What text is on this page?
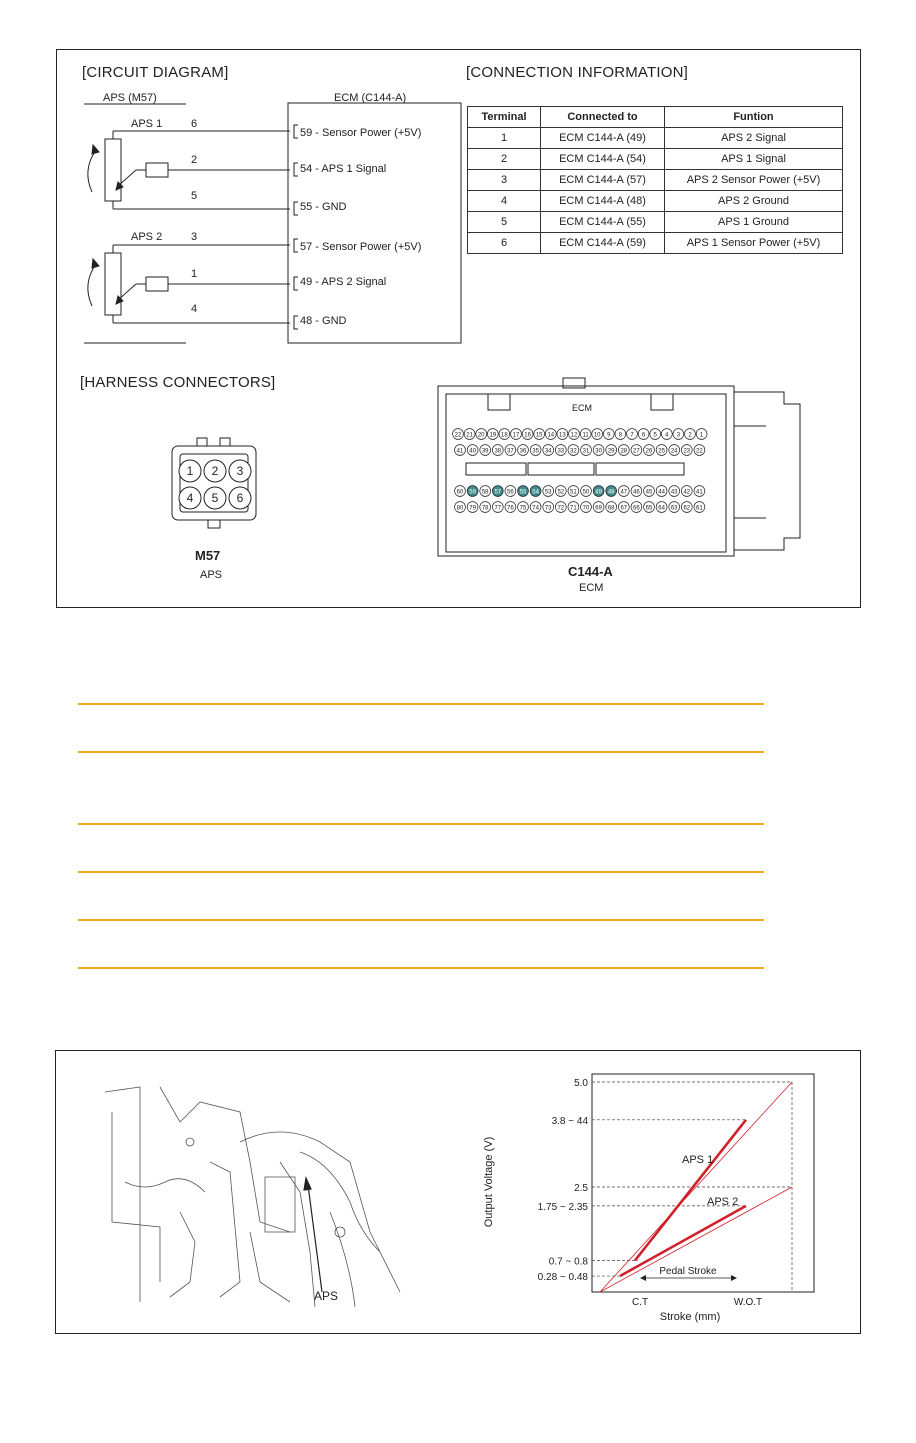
[CIRCUIT DIAGRAM]	[CONNECTION INFORMATION]
APS (M57)	ECM (C144-A)
APS 1
APS 2
6
2
5
3
1
4
59 - Sensor Power (+5V)
54 - APS 1 Signal
55 - GND
57 - Sensor Power (+5V)
49 - APS 2 Signal
48 - GND
Terminal	Connected to	Funtion
1	ECM C144-A (49)	APS 2 Signal
2	ECM C144-A (54)	APS 1 Signal
3	ECM C144-A (57)	APS 2 Sensor Power (+5V)
4	ECM C144-A (48)	APS 2 Ground
5	ECM C144-A (55)	APS 1 Ground
6	ECM C144-A (59)	APS 1 Sensor Power (+5V)
[HARNESS CONNECTORS]
1 2 3
4 5 6
M57
APS
ECM
22 21 20 19 18 17 16 15 14 13 12 11 10 9 8 7 6 5 4 3 2 1
41 40 39 38 37 36 35 34 33 32 31 30 29 28 27 26 25 24 23 22
60 59 58 57 56 55 54 53 52 51 50 49 48 47 46 45 44 43 42 41
80 79 78 77 76 75 74 73 72 71 70 69 68 67 66 65 64 63 62 61
C144-A
ECM
APS
5.0
3.8 ~ 44
2.5
1.75 ~ 2.35
0.7 ~ 0.8
0.28 ~ 0.48
APS 1
APS 2
Pedal Stroke
C.T	W.O.T
Stroke (mm)
Output Voltage (V)
